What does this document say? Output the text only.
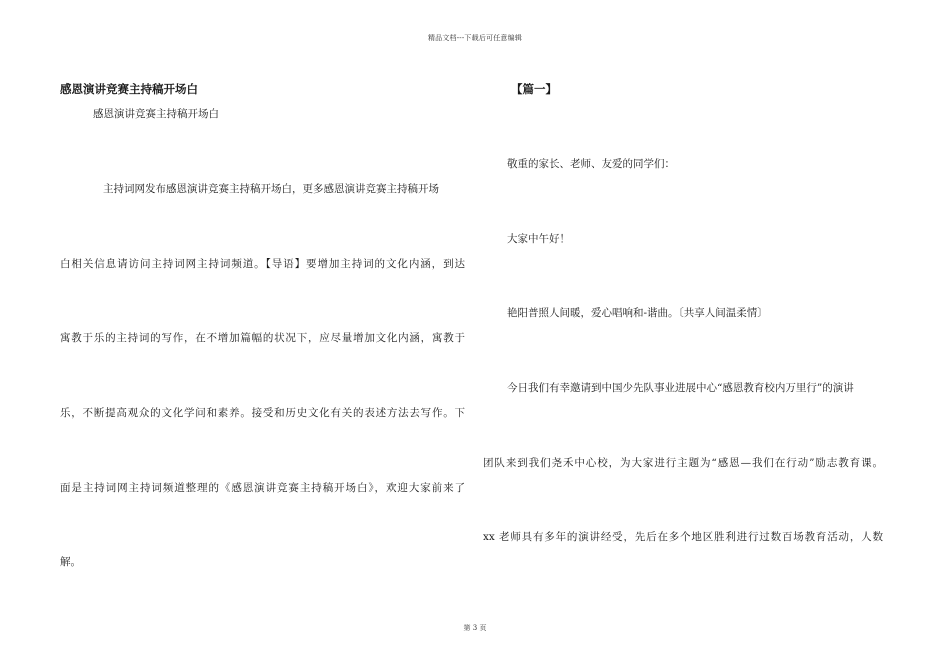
精品文档---下载后可任意编辑
感恩演讲竞赛主持稿开场白
感恩演讲竞赛主持稿开场白
主持词网发布感恩演讲竞赛主持稿开场白，更多感恩演讲竞赛主持稿开场
白相关信息请访问主持词网主持词频道。【导语】要增加主持词的文化内涵，到达
寓教于乐的主持词的写作，在不增加篇幅的状况下，应尽量增加文化内涵，寓教于
乐，不断提高观众的文化学问和素养。接受和历史文化有关的表述方法去写作。下
面是主持词网主持词频道整理的《感恩演讲竞赛主持稿开场白》，欢迎大家前来了
解。
【篇一】
敬重的家长、老师、友爱的同学们：
大家中午好！
艳阳普照人间暖，爱心唱响和-谐曲。〔共享人间温柔情〕
今日我们有幸邀请到中国少先队事业进展中心“感恩教育校内万里行”的演讲
团队来到我们尧禾中心校，为大家进行主题为“感恩—我们在行动”励志教育课。
xx 老师具有多年的演讲经受，先后在多个地区胜利进行过数百场教育活动，人数
第 3 页
